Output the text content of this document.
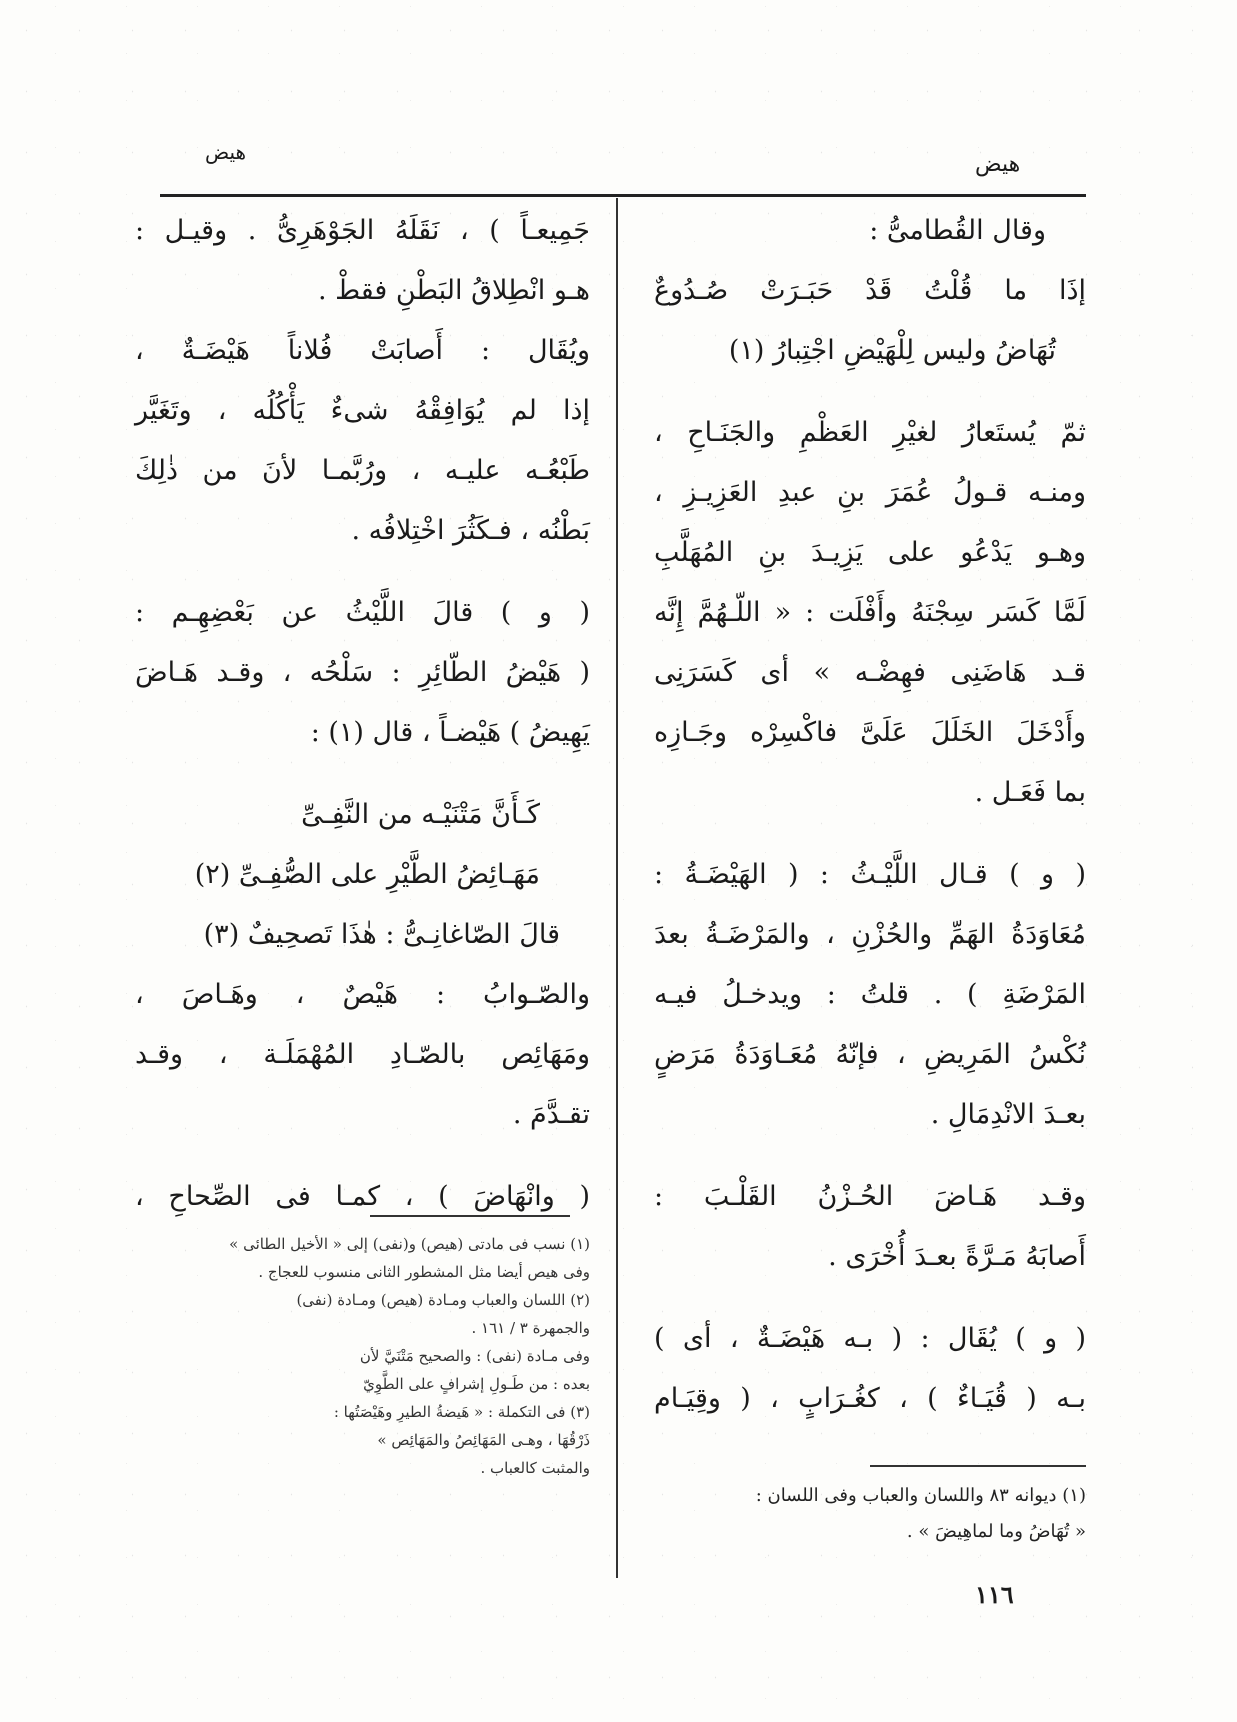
هيض	هيض
وقال القُطامىُّ :
إذَا ما قُلْتُ قَدْ حَبَـرَتْ صُـدُوعٌ
تُهَاضُ وليس لِلْهَيْضِ اجْتِبارُ (١)
ثمّ يُستَعارُ لغيْرِ العَظْمِ والجَنَـاحِ ،
ومنـه قـولُ عُمَرَ بنِ عبدِ العَزِيـزِ ،
وهـو يَدْعُو على يَزِيـدَ بنِ المُهَلَّبِ
لَمَّا كَسَر سِجْنَهُ وأَفْلَت : « اللّـهُمَّ إِنَّه
قـد هَاضَنِى فهِضْـه » أى كَسَرَنِى
وأَدْخَلَ الخَلَلَ عَلَىَّ فاكْسِرْه وجَـازِه
بما فَعَـل .
( و ) قـال اللَّيْـثُ : ( الهَيْضَـةُ :
مُعَاوَدَةُ الهَمِّ والحُزْنِ ، والمَرْضَـةُ بعدَ
المَرْضَةِ ) . قلتُ : ويدخـلُ فيـه
نُكْسُ المَرِيضِ ، فإنّهُ مُعَـاوَدَةُ مَرَضٍ
بعـدَ الانْدِمَالِ .
وقـد هَـاضَ الحُـزْنُ القَلْـبَ :
أَصابَهُ مَـرَّةً بعـدَ أُخْرَى .
( و ) يُقَال : ( بـه هَيْضَـةٌ ، أى )
بـه ( قُيَـاءٌ ) ، كغُـرَابٍ ، ( وقِيَـام
(١) ديوانه ٨٣ واللسان والعباب وفى اللسان :
« تُهَاضُ وما لماهِيضَ » .
جَمِيعـاً ) ، نَقَلَهُ الجَوْهَرِىُّ . وقيـل :
هـو انْطِلاقُ البَطْنِ فقطْ .
ويُقَال : أَصابَتْ فُلاناً هَيْضَـةٌ ،
إذا لم يُوَافِقْهُ شىءٌ يَأْكُلُه ، وتَغَيَّر
طَبْعُـه عليـه ، ورُبَّمـا لأنَ من ذٰلِكَ
بَطْنُه ، فـكَثُرَ اخْتِلافُه .
( و ) قالَ اللَّيْثُ عن بَعْضِهِـم :
( هَيْضُ الطّائِرِ : سَلْحُه ، وقـد هَـاضَ
يَهِيضُ ) هَيْضـاً ، قال (١) :
كَـأَنَّ مَتْنَيْـه من النَّفِـىِّ
مَهَـائِضُ الطَّيْرِ على الصُّفِـىِّ (٢)
قالَ الصّاغانِـىُّ : هٰذَا تَصحِيفٌ (٣)
والصّـوابُ : هَيْصٌ ، وهَـاصَ ،
ومَهَائِص بالصّـادِ المُهْمَلَـة ، وقـد
تقـدَّمَ .
( وانْهَاضَ ) ، كمـا فى الصِّحاحِ ،
(١) نسب فى مادتى (هيص) و(نفى) إلى « الأخيل الطائى »
وفى هيص أيضا مثل المشطور الثانى منسوب للعجاج .
(٢) اللسان والعباب ومـادة (هيص) ومـادة (نفى)
والجمهرة ٣ / ١٦١ .
وفى مـادة (نفى) : والصحيح مَتْنَيَّ لأن
بعده : من طَـولِ إشرافٍ على الطَّوِيّ
(٣) فى التكملة : « هَيضةُ الطيرِ وهَيْصَتُها :
ذَرْقُهَا ، وهـى المَهَائِصُ والمَهَائِص »
والمثبت كالعباب .
١١٦
